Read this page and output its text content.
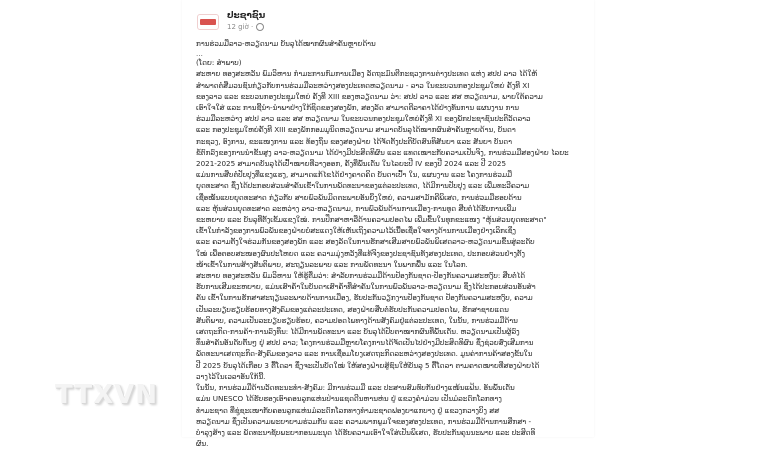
ປະຊາຊົນ
12 giờ ·
ການຮ່ວມມືລາວ-ຫວຽດນາມ ບັນລຸໄດ້ໝາກຜົນສຳຄັນຫຼາຍດ້ານ
...
(ໂດຍ: ສຳພາບ)
ສະຫາຍ ທອງສະຫວັນ ພົມວິຫານ ກຳມະການກົມການເມືອງ ລັດຖະມົນຕີກະຊວງການຕ່າງປະເທດ ແຫ່ງ ສປປ ລາວ ໄດ້ໃຫ້
ສຳພາດຕໍ່ສື່ມວນຊົນກ່ຽວກັບການຮ່ວມມືລະຫວ່າງສອງປະເທດຫວຽດນາມ - ລາວ ໃນຂະບວນກອງປະຊຸມໃຫຍ່ ຄັ້ງທີ XI
ຂອງລາວ ແລະ ຂະບວນກອງປະຊຸມໃຫຍ່ ຄັ້ງທີ XIII ຂອງຫວຽດນາມ ວ່າ: ສປປ ລາວ ແລະ ສສ ຫວຽດນາມ, ພາຍໃຕ້ຄວາມ
ເອົາໃຈໃສ່ ແລະ ການຊີ້ນຳ-ນຳພາຢ່າງໃກ້ຊິດຂອງສອງພັກ, ສອງລັດ ສາມາດຕີລາຄາໄດ້ຢ່າງທັນການ ແຜນງານ ການ
ຮ່ວມມືລະຫວ່າງ ສປປ ລາວ ແລະ ສສ ຫວຽດນາມ ໃນຂະບວນກອງປະຊຸມໃຫຍ່ຄັ້ງທີ XI ຂອງພັກປະຊາຊົນປະຕິວັດລາວ
ແລະ ກອງປະຊຸມໃຫຍ່ຄັ້ງທີ XIII ຂອງພັກກອມມູນິດຫວຽດນາມ ສາມາດບັນລຸໄດ້ໝາກຜົນສຳຄັນຫຼາຍດ້ານ, ບັນດາ
ກະຊວງ, ອົງການ, ຂະແໜງການ ແລະ ທ້ອງຖິ່ນ ຂອງສອງຝ່າຍ ໄດ້ຈັດຕັ້ງປະຕິບັດສົນທິສັນຍາ ແລະ ສັນຍາ ບັນດາ
ຂໍ້ຕົກລົງຂອງການນຳຂັ້ນສູງ ລາວ-ຫວຽດນາມ ໄດ້ຢ່າງມີປະສິດທິຜົນ ແລະ ແທດເໝາະກັບຄວາມເປັນຈິງ, ການຮ່ວມມືສອງຝ່າຍ ໄລຍະ
2021-2025 ສາມາດບັນລຸໄດ້ເປົ້າໝາຍທີ່ວາງອອກ, ຄັ້ງທີ່ພົ້ນເດັ່ນ ໃນໄລຍະປີ IV ຂອງປີ 2024 ແລະ ປີ 2025
ແມ່ນການສືບຕໍ່ປັບປຸງທີ່ແຂງແຮງ, ສາມາດແກ້ໄຂໄດ້ຢ່າງຄາດຄິດ ບັນດາເປົ້າ ໃນ, ແຜນງານ ແລະ ໂຄງການຮ່ວມມື
ຍຸດທະສາດ ຊຶ່ງໄດ້ປະກອບສ່ວນສຳຄັນເຂົ້າໃນການພັດທະນາຂອງແຕ່ລະປະເທດ, ໄດ້ມີການປັບປຸງ ແລະ ເພີ່ມທະວີຄວາມ
ເຊື່ອໝັ້ນແບບຍຸດທະສາດ ກ່ຽວກັບ ສາຍພົວພັນມິດຕະພາບອັນຍິ່ງໃຫຍ່, ຄວາມສາມັກຄີພິເສດ, ການຮ່ວມມືຮອບດ້ານ
ແລະ ຫຸ້ນສ່ວນຍຸດທະສາດ ລະຫວ່າງ ລາວ-ຫວຽດນາມ, ການພົວພັນດ້ານການເມືອງ-ການທູດ ສືບຕໍ່ໄດ້ຮັບການເພີ່ມ
ຂະຫຍາຍ ແລະ ບັນລຸທີ່ຕັ້ງເຂັ້ມແຂງໃໝ່. ການປຶກສາຫາລືດ້ານຄວາມປອດໄພ ເພີ່ມຂຶ້ນໃນທຸກຂະແໜງ "ຫຸ້ນສ່ວນຍຸດທະສາດ"
ເຂົ້າໃນກຳລັງຂອງການພົວພັນຂອງຝ່າຍບໍ່ສະແດງໃຫ້ເຫັນເຖິງຄວາມໄວ້ເນື້ອເຊື່ອໃຈທາງດ້ານການເມືອງຢ່າງເລິກເຊິ່ງ
ແລະ ຄວາມຕັ້ງໃຈຮ່ວມກັນຂອງສອງພັກ ແລະ ສອງລັດໃນການຮັກສາເສີມສາຍພົວພັນພິເສດລາວ-ຫວຽດນາມຂຶ້ນສູ່ລະດັບ
ໃໝ່ ເພື່ອຕອບສະໜອງຜົນປະໂຫຍດ ແລະ ຄວາມມຸ່ງຫວັງທີ່ແທ້ຈິງຂອງປະຊາຊົນທັງສອງປະເທດ, ປະກອບສ່ວນຢ່າງຕັ້ງ
ໜ້າເຂົ້າໃນການສ້າງສັນຕິພາບ, ສະຖຽນລະພາບ ແລະ ການພັດທະນາ ໃນພາກພື້ນ ແລະ ໃນໂລກ.
ສະຫາຍ ທອງສະຫວັນ ພົມວິຫານ ໃຫ້ຮູ້ຕື່ມວ່າ: ສຳລັບການຮ່ວມມືດ້ານປ້ອງກັນຊາດ-ປ້ອງກັນຄວາມສະຫງົບ: ສືບຕໍ່ໄດ້
ຮັບການເສີມຂະຫຍາຍ, ແມ່ນເສົາຄ້ຳໃນບັນດາເສົາຄ້ຳທີ່ສຳຄັນໃນການພົວພັນລາວ-ຫວຽດນາມ ຊຶ່ງໄດ້ປະກອບສ່ວນອັນສຳ
ຄັນ ເຂົ້າໃນການຮັກສາສະຖຽນລະພາບດ້ານການເມືອງ, ຮັບປະກັນວຽກງານປ້ອງກັນຊາດ ປ້ອງກັນຄວາມສະຫງົບ, ຄວາມ
ເປັນລະບຽບຮຽບຮ້ອຍທາງສັງຄົມຂອງແຕ່ລະປະເທດ, ສອງຝ່າຍສືບຕໍ່ຮັບປະກັນຄວາມປອດໄພ, ຮັກສາຊາຍແດນ
ສັນຕິພາບ, ຄວາມເປັນລະບຽບຮຽບຮ້ອຍ, ຄວາມປອດໄພທາງດ້ານສັງຄົມຢູ່ແຕ່ລະປະເທດ, ໃນນັ້ນ, ການຮ່ວມມືດ້ານ
ເສດຖະກິດ-ການຄ້າ-ການລົງທຶນ: ໄດ້ມີການພັດທະນາ ແລະ ບັນລຸໄດ້ປັບຕາໝາກຜົນທີ່ພົ້ນເດັ່ນ. ຫວຽດນາມເປັນຜູ້ລົງ
ທຶນສຳຄັນອັນດັບຕົ້ນໆ ຢູ່ ສປປ ລາວ; ໂຄງການຮ່ວມມືຫຼາຍໂຄງການໄດ້ຈັດເປັນໄປຢ່າງມີປະສິດທິຜົນ ຊຶ່ງຊ່ວຍສົ່ງເສີມການ
ພັດທະນາເສດຖະກິດ-ສັງຄົມຂອງລາວ ແລະ ການເຊື່ອມໂຍງເສດຖະກິດລະຫວ່າງສອງປະເທດ. ມູນຄ່າການຄ້າສອງຂັ້ນໃນ
ປີ 2025 ບັນລຸໄດ້ເກືອບ 3 ຕື້ໂດລາ ຊຶ່ງຈະເປັນບັດໃໝ່ ໃຫ້ສອງຝ່າຍສູ້ຊົນໃຫ້ບັນລຸ 5 ຕື້ໂດລາ ຕາມຄາດໝາຍທີ່ສອງຝ່າຍໄດ້
ວາງໄວ້ໃນເວລາອັນໃກ້ນີ້.
ໃນນັ້ນ, ການຮ່ວມມືດ້ານວັດທະນະທຳ-ສັງຄົມ: ມີການຮ່ວມມື ແລະ ປະສານສົມທົບກັນຢ່າງແໜ້ນແຟ້ນ. ອັນພົ້ນເດັ່ນ
ແມ່ນ UNESCO ໄດ້ຮັບຮອງເອົາຄອນລູກແຫ່ນປ່ານແຊດດີນຫານຫ່ນ ຢູ່ ແຂວງຄຳມ່ວນ ເປັນມໍລະດົກໂລກທາງ
ທຳມະຊາດ ທີ່ຊູ່ຊະເໜາກັບຄອນລູກແຫ່ນມໍລະດົກໂລກທາງທຳມະຊາດຟອງຍາແກບາງ ຢູ່ ແຂວງກວາງບິງ ສສ
ຫວຽດນາມ ຊຶ່ງເປັນຄວາມພະຍາຍາມຮ່ວມກັນ ແລະ ຄວາມພາກພູມໃຈຂອງສອງປະເທດ, ການຮ່ວມມືດ້ານການສຶກສາ -
ບຳລຸງສ້າງ ແລະ ພັດທະນາຊັບພະຍາກອນມະນຸດ ໄດ້ຮັບຄວາມເອົາໃຈໃສ່ເປັນພິເສດ, ຮັບປະກັນຄຸນນະພາບ ແລະ ປະສິດທິ
ຜົນ.
TTXVN
